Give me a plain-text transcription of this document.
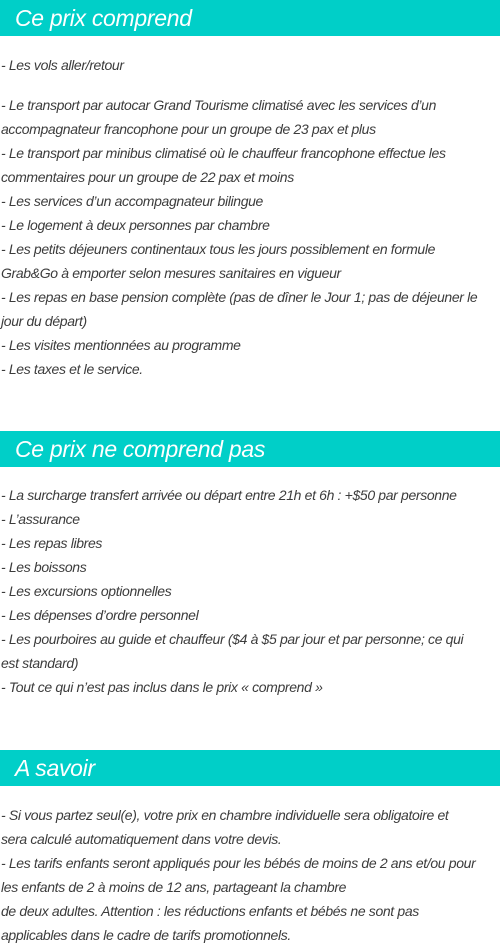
Ce prix comprend
- Les vols aller/retour
- Le transport par autocar Grand Tourisme climatisé avec les services d’un
accompagnateur francophone pour un groupe de 23 pax et plus
- Le transport par minibus climatisé où le chauffeur francophone effectue les
commentaires pour un groupe de 22 pax et moins
- Les services d’un accompagnateur bilingue
- Le logement à deux personnes par chambre
- Les petits déjeuners continentaux tous les jours possiblement en formule
Grab&Go à emporter selon mesures sanitaires en vigueur
- Les repas en base pension complète (pas de dîner le Jour 1; pas de déjeuner le
jour du départ)
- Les visites mentionnées au programme
- Les taxes et le service.
Ce prix ne comprend pas
- La surcharge transfert arrivée ou départ entre 21h et 6h : +$50 par personne
- L’assurance
- Les repas libres
- Les boissons
- Les excursions optionnelles
- Les dépenses d’ordre personnel
- Les pourboires au guide et chauffeur ($4 à $5 par jour et par personne; ce qui
est standard)
- Tout ce qui n’est pas inclus dans le prix « comprend »
A savoir
- Si vous partez seul(e), votre prix en chambre individuelle sera obligatoire et
sera calculé automatiquement dans votre devis.
- Les tarifs enfants seront appliqués pour les bébés de moins de 2 ans et/ou pour
les enfants de 2 à moins de 12 ans, partageant la chambre
de deux adultes. Attention : les réductions enfants et bébés ne sont pas
applicables dans le cadre de tarifs promotionnels.
